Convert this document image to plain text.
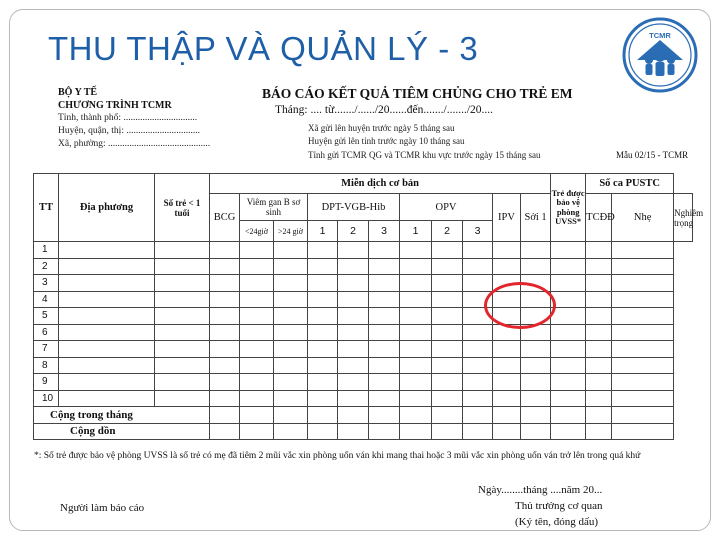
THU THẬP VÀ QUẢN LÝ - 3	TCMR
BỘ Y TẾ
CHƯƠNG TRÌNH TCMR
Tỉnh, thành phố: ...............................
Huyện, quận, thị: ...............................
Xã, phường: ...........................................
BÁO CÁO KẾT QUẢ TIÊM CHỦNG CHO TRẺ EM
Tháng: .... từ......./....../20......đến......./......./20....
Xã gửi lên huyện trước ngày 5 tháng sau
Huyện gửi lên tỉnh trước ngày 10 tháng sau
Tỉnh gửi TCMR QG và TCMR khu vực trước ngày 15 tháng sau	Mẫu 02/15 - TCMR
TT	Địa phương	Số trẻ < 1 tuổi	Miễn dịch cơ bản											Trẻ được bảo vệ phòng UVSS*	Số ca PUSTC		
			BCG	Viêm gan B sơ sinh		DPT-VGB-Hib			OPV			IPV	Sởi 1		TCĐĐ	Nhẹ	Nghiêm trọng
				<24giờ	>24 giờ	1	2	3	1	2	3						
1																	
2																	
3																	
4																	
5																	
6																	
7																	
8																	
9																	
10																	
Cộng trong tháng																	
Cộng dồn																	
*: Số trẻ được bảo vệ phòng UVSS là số trẻ có mẹ đã tiêm 2 mũi vắc xin phòng uốn ván khi mang thai hoặc 3 mũi vắc xin phòng uốn ván trở lên trong quá khứ
Ngày........tháng ....năm 20...
Người làm báo cáo	Thủ trưởng cơ quan
(Ký tên, đóng dấu)
